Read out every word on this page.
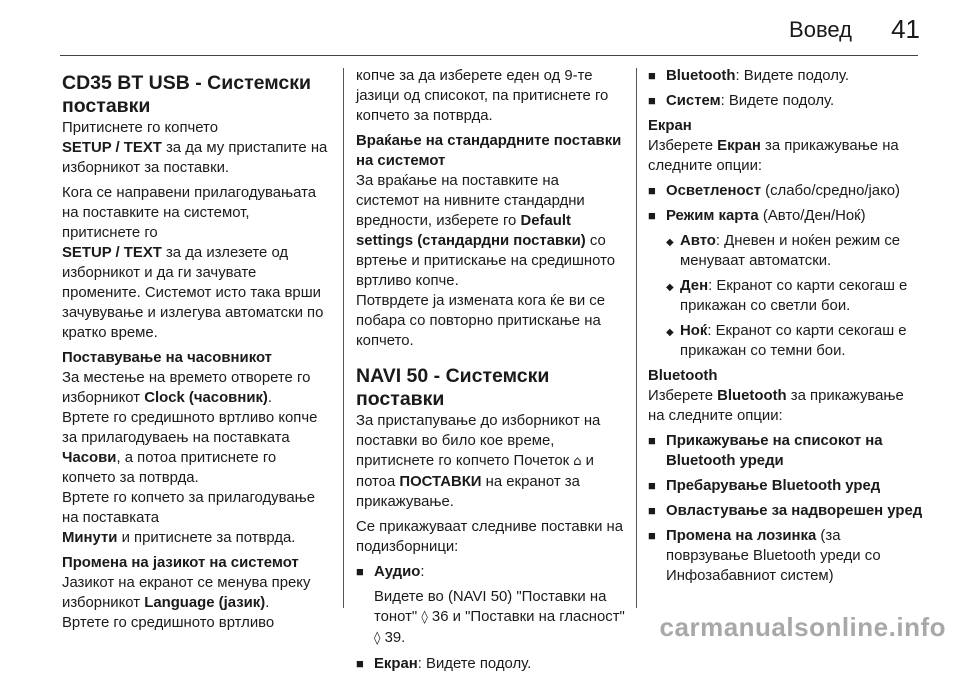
Вовед 41
CD35 BT USB - Системски поставки
Притиснете го копчето
SETUP / TEXT за да му пристапите на изборникот за поставки.
Кога се направени прилагодувањата на поставките на системот, притиснете го
SETUP / TEXT за да излезете од изборникот и да ги зачувате промените. Системот исто така врши зачувување и излегува автоматски по кратко време.
Поставување на часовникот
За местење на времето отворете го изборникот Clock (часовник).
Вртете го средишното вртливо копче за прилагодуваењ на поставката Часови, а потоа притиснете го копчето за потврда.
Вртете го копчето за прилагодување на поставката
Минути и притиснете за потврда.
Промена на јазикот на системот
Јазикот на екранот се менува преку изборникот Language (јазик).
Вртете го средишното вртливо
копче за да изберете еден од 9-те јазици од списокот, па притиснете го копчето за потврда.
Враќање на стандардните поставки на системот
За враќање на поставките на системот на нивните стандардни вредности, изберете го Default settings (стандардни поставки) со вртење и притискање на средишното вртливо копче.
Потврдете ја измената кога ќе ви се побара со повторно притискање на копчето.
NAVI 50 - Системски поставки
За пристапување до изборникот на поставки во било кое време, притиснете го копчето Почеток ⌂ и потоа ПОСТАВКИ на екранот за прикажување.
Се прикажуваат следниве поставки на подизборници:
■ Аудио:
Видете во (NAVI 50) "Поставки на тонот" ◊ 36 и "Поставки на гласност" ◊ 39.
■ Екран: Видете подолу.
■ Bluetooth: Видете подолу.
■ Систем: Видете подолу.
Екран
Изберете Екран за прикажување на следните опции:
■ Осветленост (слабо/средно/јако)
■ Режим карта (Авто/Ден/Ноќ)
◆ Авто: Дневен и ноќен режим се менуваат автоматски.
◆ Ден: Екранот со карти секогаш е прикажан со светли бои.
◆ Ноќ: Екранот со карти секогаш е прикажан со темни бои.
Bluetooth
Изберете Bluetooth за прикажување на следните опции:
■ Прикажување на списокот на Bluetooth уреди
■ Пребарување Bluetooth уред
■ Овластување за надворешен уред
■ Промена на лозинка (за поврзување Bluetooth уреди со Инфозабавниот систем)
carmanualsonline.info
